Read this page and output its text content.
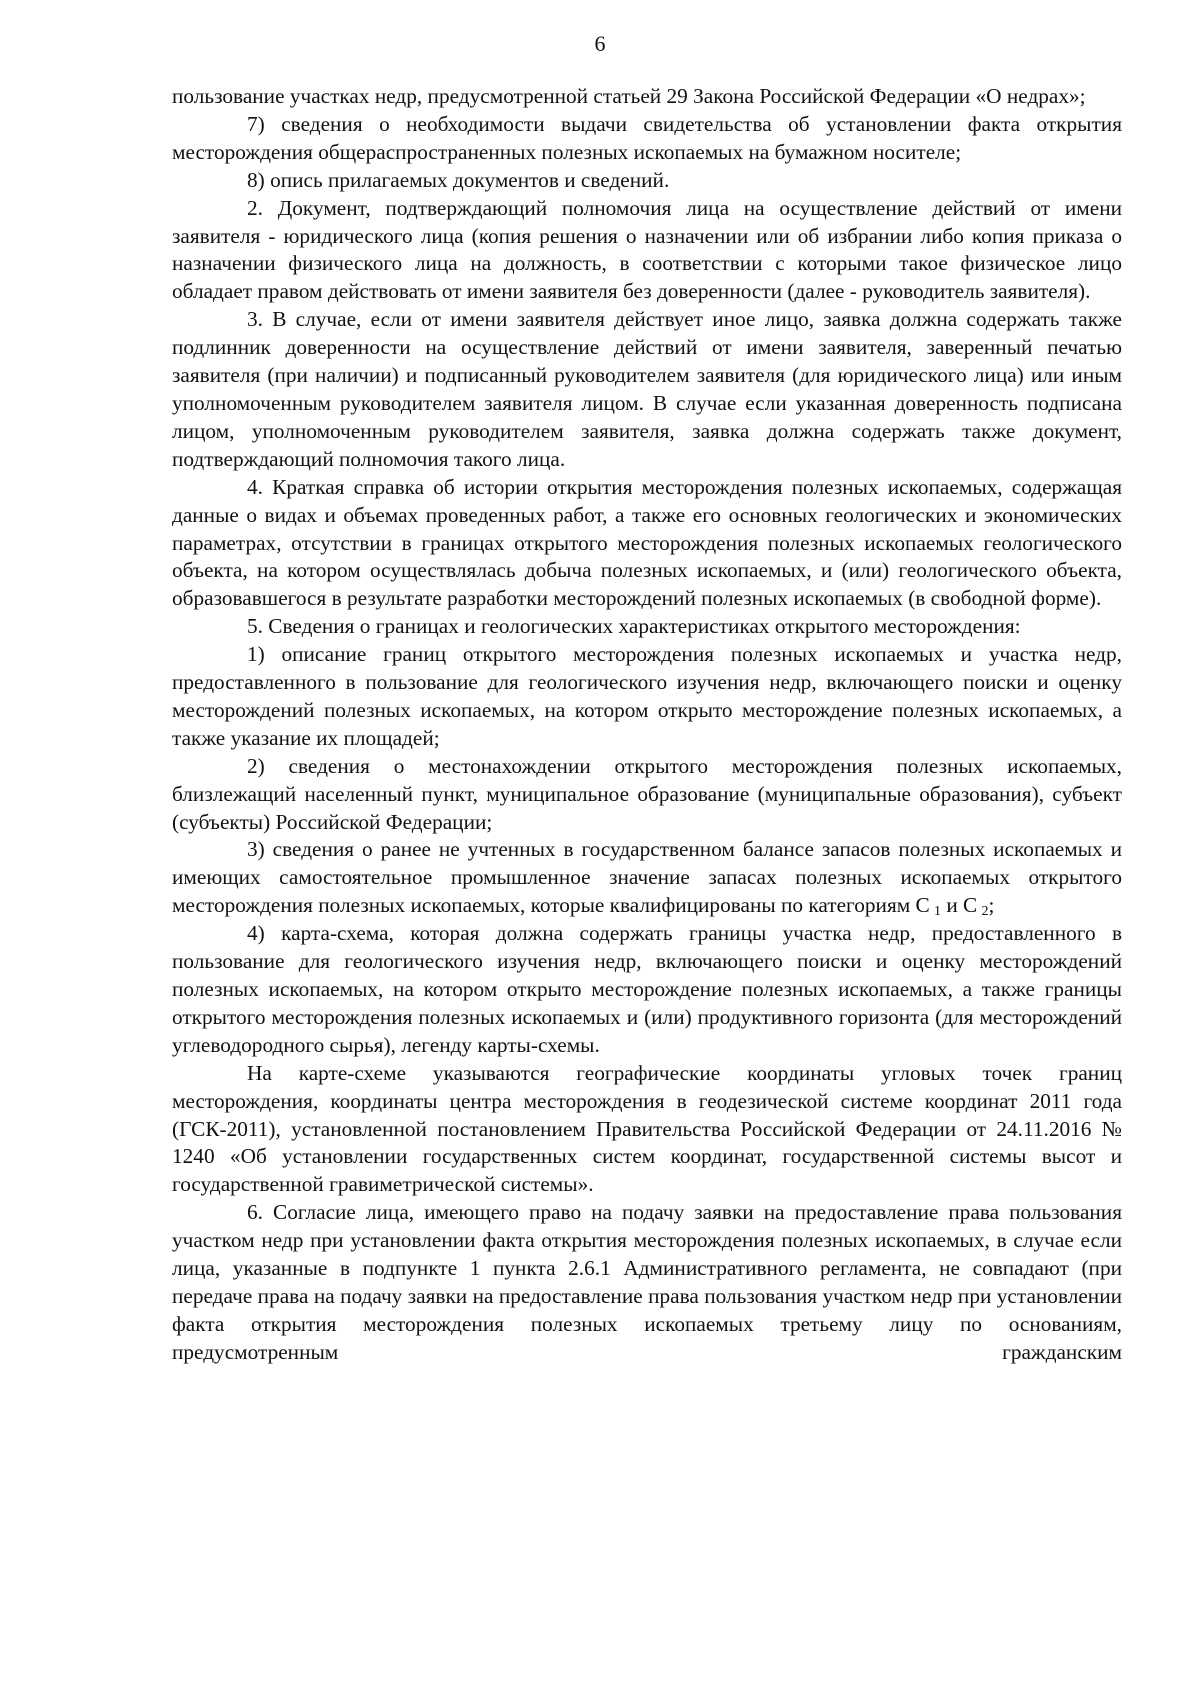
6

пользование участках недр, предусмотренной статьей 29 Закона Российской Федерации «О недрах»;

7) сведения о необходимости выдачи свидетельства об установлении факта открытия месторождения общераспространенных полезных ископаемых на бумажном носителе;

8) опись прилагаемых документов и сведений.

2. Документ, подтверждающий полномочия лица на осуществление действий от имени заявителя - юридического лица (копия решения о назначении или об избрании либо копия приказа о назначении физического лица на должность, в соответствии с которыми такое физическое лицо обладает правом действовать от имени заявителя без доверенности (далее - руководитель заявителя).

3. В случае, если от имени заявителя действует иное лицо, заявка должна содержать также подлинник доверенности на осуществление действий от имени заявителя, заверенный печатью заявителя (при наличии) и подписанный руководителем заявителя (для юридического лица) или иным уполномоченным руководителем заявителя лицом. В случае если указанная доверенность подписана лицом, уполномоченным руководителем заявителя, заявка должна содержать также документ, подтверждающий полномочия такого лица.

4. Краткая справка об истории открытия месторождения полезных ископаемых, содержащая данные о видах и объемах проведенных работ, а также его основных геологических и экономических параметрах, отсутствии в границах открытого месторождения полезных ископаемых геологического объекта, на котором осуществлялась добыча полезных ископаемых, и (или) геологического объекта, образовавшегося в результате разработки месторождений полезных ископаемых (в свободной форме).

5. Сведения о границах и геологических характеристиках открытого месторождения:

1) описание границ открытого месторождения полезных ископаемых и участка недр, предоставленного в пользование для геологического изучения недр, включающего поиски и оценку месторождений полезных ископаемых, на котором открыто месторождение полезных ископаемых, а также указание их площадей;

2) сведения о местонахождении открытого месторождения полезных ископаемых, близлежащий населенный пункт, муниципальное образование (муниципальные образования), субъект (субъекты) Российской Федерации;

3) сведения о ранее не учтенных в государственном балансе запасов полезных ископаемых и имеющих самостоятельное промышленное значение запасах полезных ископаемых открытого месторождения полезных ископаемых, которые квалифицированы по категориям С  $_1$ и С  $_2$;

4) карта-схема, которая должна содержать границы участка недр, предоставленного в пользование для геологического изучения недр, включающего поиски и оценку месторождений полезных ископаемых, на котором открыто месторождение полезных ископаемых, а также границы открытого месторождения полезных ископаемых и (или) продуктивного горизонта (для месторождений углеводородного сырья), легенду карты-схемы.

На карте-схеме указываются географические координаты угловых точек границ месторождения, координаты центра месторождения в геодезической системе координат 2011 года (ГСК-2011), установленной постановлением Правительства Российской Федерации от 24.11.2016 № 1240 «Об установлении государственных систем координат, государственной системы высот и государственной гравиметрической системы».

6. Согласие лица, имеющего право на подачу заявки на предоставление права пользования участком недр при установлении факта открытия месторождения полезных ископаемых, в случае если лица, указанные в подпункте 1 пункта 2.6.1 Административного регламента, не совпадают (при передаче права на подачу заявки на предоставление права пользования участком недр при установлении факта открытия месторождения полезных ископаемых третьему лицу по основаниям, предусмотренным гражданским
